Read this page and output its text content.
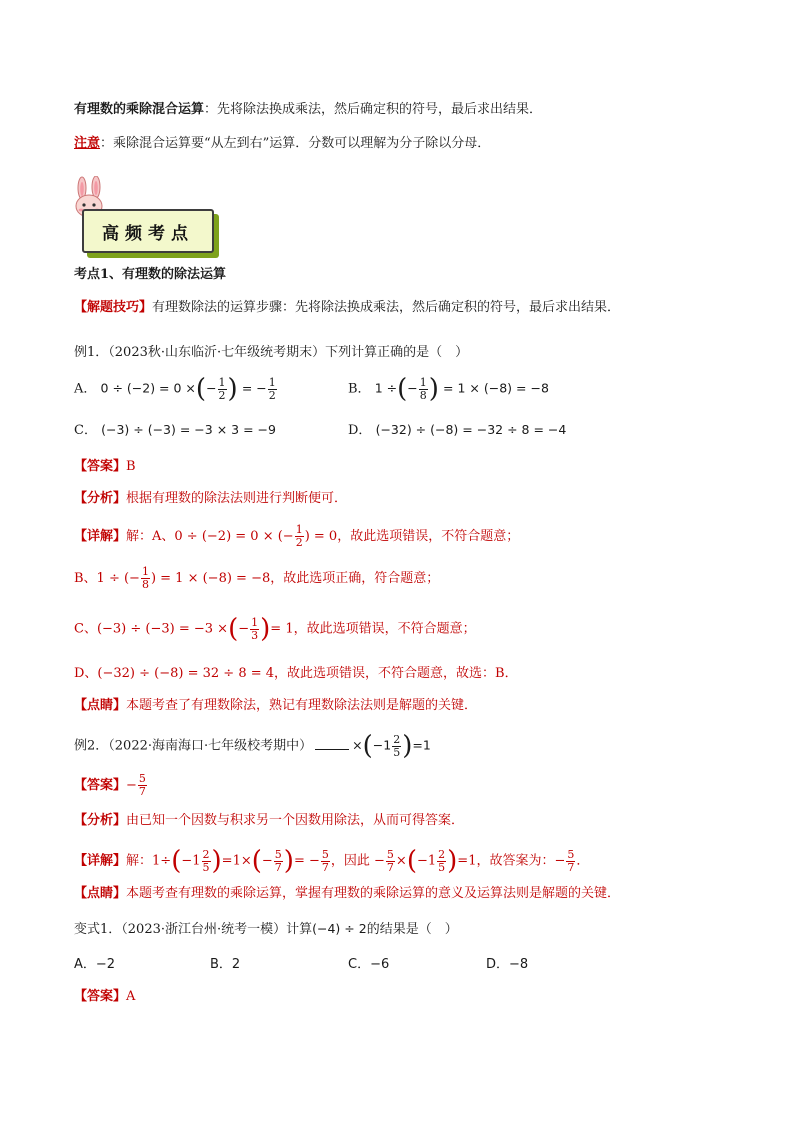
有理数的乘除混合运算：先将除法换成乘法，然后确定积的符号，最后求出结果．
注意：乘除混合运算要“从左到右”运算．分数可以理解为分子除以分母．
高频考点
考点1、有理数的除法运算
【解题技巧】有理数除法的运算步骤：先将除法换成乘法，然后确定积的符号，最后求出结果．
例1．（2023秋·山东临沂·七年级统考期末）下列计算正确的是（　）
A． 0 ÷ (−2) = 0 ×(− $\frac{1}{2}$ ) = − $\frac{1}{2}$	B． 1 ÷(− $\frac{1}{8}$ ) = 1 × (−8) = −8
C． (−3) ÷ (−3) = −3 × 3 = −9	D． (−32) ÷ (−8) = −32 ÷ 8 = −4
【答案】B
【分析】根据有理数的除法法则进行判断便可．
【详解】解：A、0 ÷ (−2) = 0 × (− $\frac{1}{2}$ ) = 0，故此选项错误，不符合题意；
B、1 ÷ (− $\frac{1}{8}$ ) = 1 × (−8) = −8，故此选项正确，符合题意；
C、(−3) ÷ (−3) = −3 ×(− $\frac{1}{3}$ )= 1，故此选项错误，不符合题意；
D、(−32) ÷ (−8) = 32 ÷ 8 = 4，故此选项错误，不符合题意，故选：B．
【点睛】本题考查了有理数除法，熟记有理数除法法则是解题的关键．
例2．（2022·海南海口·七年级校考期中）	$\times(-1 \frac{2}{5} )=1$
【答案】− $\frac{5}{7}$
【分析】由已知一个因数与积求另一个因数用除法，从而可得答案．
【详解】解：$1\div(-1 \frac{2}{5} )=1\times(- \frac{5}{7}$ )= − $\frac{5}{7}$ ，因此 − $\frac{5}{7} \times(-1 \frac{2}{5} )=1$，故答案为：− $\frac{5}{7}$ ．
【点睛】本题考查有理数的乘除运算，掌握有理数的乘除运算的意义及运算法则是解题的关键．
变式1．（2023·浙江台州·统考一模）计算(−4) ÷ 2的结果是（　）
A．−2	B．2	C．−6	D．−8
【答案】A
